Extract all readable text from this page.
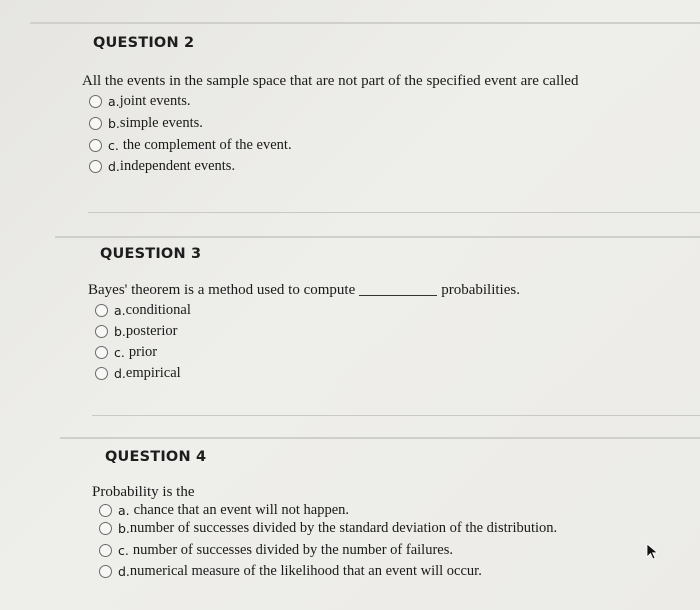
QUESTION 2
All the events in the sample space that are not part of the specified event are called
a. joint events.
b. simple events.
c. the complement of the event.
d. independent events.
QUESTION 3
Bayes' theorem is a method used to compute	probabilities.
a. conditional
b. posterior
c. prior
d. empirical
QUESTION 4
Probability is the
a. chance that an event will not happen.
b. number of successes divided by the standard deviation of the distribution.
c. number of successes divided by the number of failures.
d. numerical measure of the likelihood that an event will occur.
